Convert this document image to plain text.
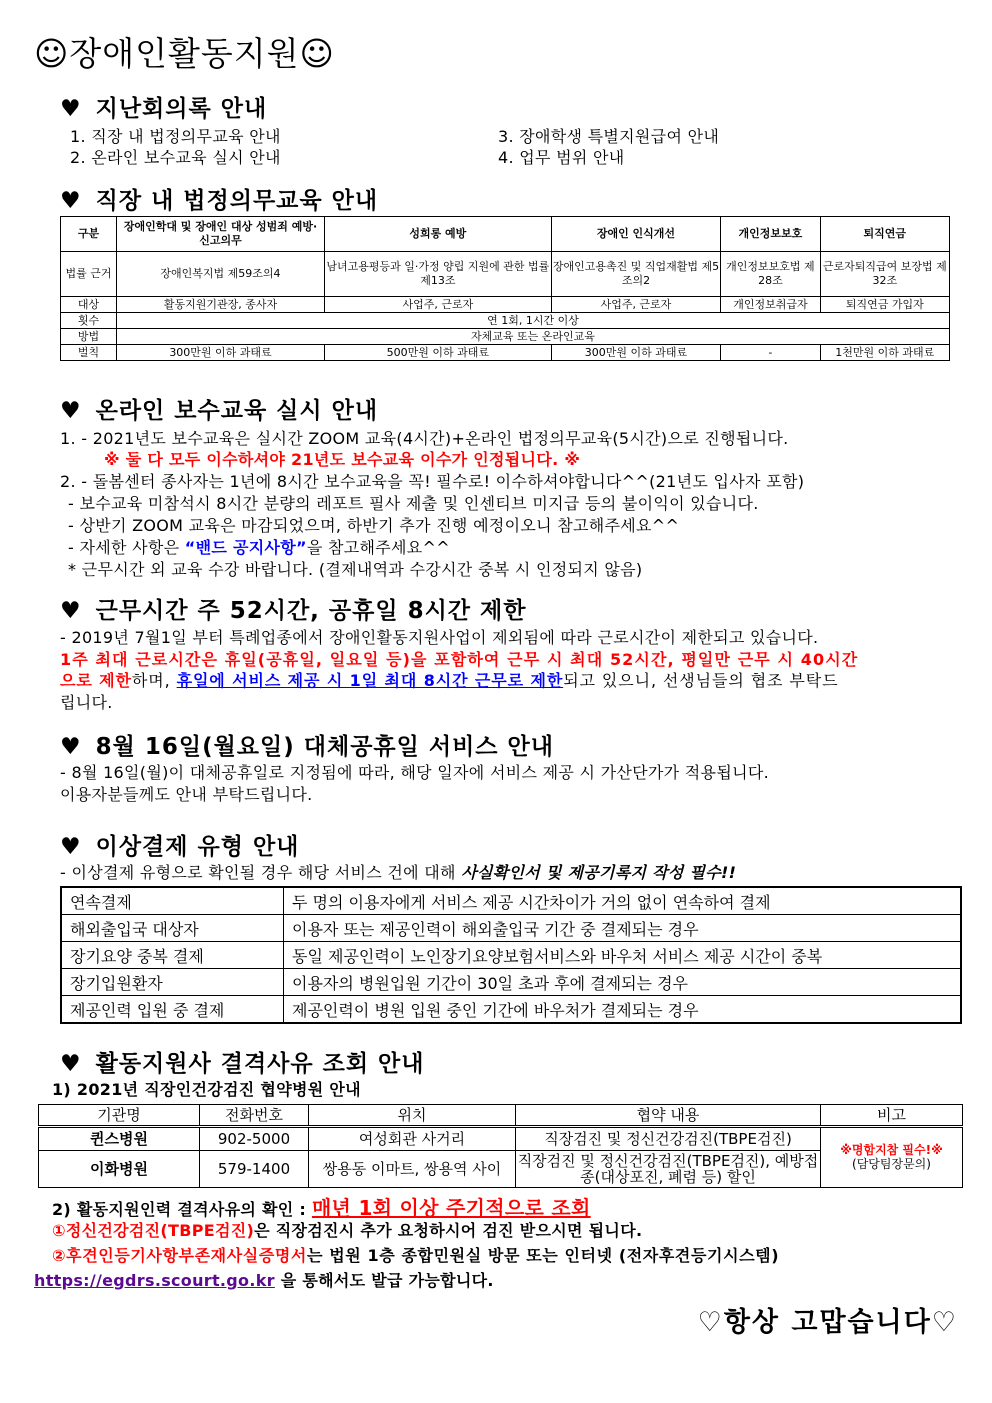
☺장애인활동지원☺
♥ 지난회의록 안내
1. 직장 내 법정의무교육 안내	3. 장애학생 특별지원급여 안내
2. 온라인 보수교육 실시 안내	4. 업무 범위 안내
♥ 직장 내 법정의무교육 안내
구분	장애인학대 및 장애인 대상 성범죄 예방· 신고의무	성희롱 예방	장애인 인식개선	개인정보보호	퇴직연금
법률 근거	장애인복지법 제59조의4	남녀고용평등과 일·가정 양립 지원에 관한 법률 제13조	장애인고용촉진 및 직업재활법 제5조의2	개인정보보호법 제28조	근로자퇴직급여 보장법 제32조
대상	활동지원기관장, 종사자	사업주, 근로자	사업주, 근로자	개인정보취급자	퇴직연금 가입자
횟수	연 1회, 1시간 이상				
방법	자체교육 또는 온라인교육				
벌칙	300만원 이하 과태료	500만원 이하 과태료	300만원 이하 과태료	-	1천만원 이하 과태료
♥ 온라인 보수교육 실시 안내
1. - 2021년도 보수교육은 실시간 ZOOM 교육(4시간)+온라인 법정의무교육(5시간)으로 진행됩니다.
※ 둘 다 모두 이수하셔야 21년도 보수교육 이수가 인정됩니다. ※
2. - 돌봄센터 종사자는 1년에 8시간 보수교육을 꼭! 필수로! 이수하셔야합니다^^(21년도 입사자 포함)
- 보수교육 미참석시 8시간 분량의 레포트 필사 제출 및 인센티브 미지급 등의 불이익이 있습니다.
- 상반기 ZOOM 교육은 마감되었으며, 하반기 추가 진행 예정이오니 참고해주세요^^
- 자세한 사항은 “밴드 공지사항”을 참고해주세요^^
* 근무시간 외 교육 수강 바랍니다. (결제내역과 수강시간 중복 시 인정되지 않음)
♥ 근무시간 주 52시간, 공휴일 8시간 제한
- 2019년 7월1일 부터 특례업종에서 장애인활동지원사업이 제외됨에 따라 근로시간이 제한되고 있습니다.
1주 최대 근로시간은 휴일(공휴일, 일요일 등)을 포함하여 근무 시 최대 52시간, 평일만 근무 시 40시간
으로 제한하며, 휴일에 서비스 제공 시 1일 최대 8시간 근무로 제한되고 있으니, 선생님들의 협조 부탁드
립니다.
♥ 8월 16일(월요일) 대체공휴일 서비스 안내
- 8월 16일(월)이 대체공휴일로 지정됨에 따라, 해당 일자에 서비스 제공 시 가산단가가 적용됩니다.
이용자분들께도 안내 부탁드립니다.
♥ 이상결제 유형 안내
- 이상결제 유형으로 확인될 경우 해당 서비스 건에 대해 사실확인서 및 제공기록지 작성 필수!!
연속결제	두 명의 이용자에게 서비스 제공 시간차이가 거의 없이 연속하여 결제
해외출입국 대상자	이용자 또는 제공인력이 해외출입국 기간 중 결제되는 경우
장기요양 중복 결제	동일 제공인력이 노인장기요양보험서비스와 바우처 서비스 제공 시간이 중복
장기입원환자	이용자의 병원입원 기간이 30일 초과 후에 결제되는 경우
제공인력 입원 중 결제	제공인력이 병원 입원 중인 기간에 바우처가 결제되는 경우
♥ 활동지원사 결격사유 조회 안내
1) 2021년 직장인건강검진 협약병원 안내
기관명	전화번호	위치	협약 내용	비고
퀸스병원	902-5000	여성회관 사거리	직장검진 및 정신건강검진(TBPE검진)	※명함지참 필수!※
(담당팀장문의)

이화병원	579-1400	쌍용동 이마트, 쌍용역 사이	직장검진 및 정신건강검진(TBPE검진), 예방접종(대상포진, 폐렴 등) 할인	
2) 활동지원인력 결격사유의 확인 : 매년 1회 이상 주기적으로 조회
①정신건강검진(TBPE검진)은 직장검진시 추가 요청하시어 검진 받으시면 됩니다.
②후견인등기사항부존재사실증명서는 법원 1층 종합민원실 방문 또는 인터넷 (전자후견등기시스템)
https://egdrs.scourt.go.kr 을 통해서도 발급 가능합니다.
♡항상 고맙습니다♡
